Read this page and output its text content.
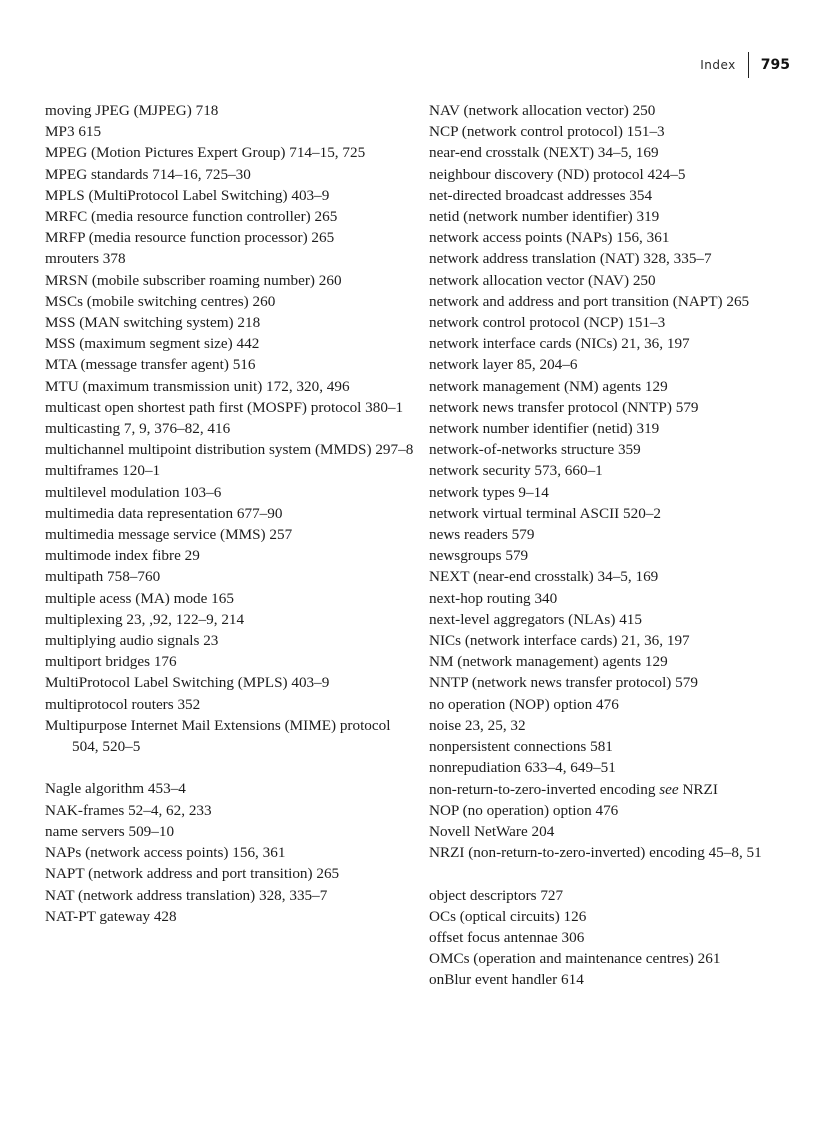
Index 795
moving JPEG (MJPEG) 718
MP3 615
MPEG (Motion Pictures Expert Group) 714–15, 725
MPEG standards 714–16, 725–30
MPLS (MultiProtocol Label Switching) 403–9
MRFC (media resource function controller) 265
MRFP (media resource function processor) 265
mrouters 378
MRSN (mobile subscriber roaming number) 260
MSCs (mobile switching centres) 260
MSS (MAN switching system) 218
MSS (maximum segment size) 442
MTA (message transfer agent) 516
MTU (maximum transmission unit) 172, 320, 496
multicast open shortest path first (MOSPF) protocol 380–1
multicasting 7, 9, 376–82, 416
multichannel multipoint distribution system (MMDS) 297–8
multiframes 120–1
multilevel modulation 103–6
multimedia data representation 677–90
multimedia message service (MMS) 257
multimode index fibre 29
multipath 758–760
multiple acess (MA) mode 165
multiplexing 23, ,92, 122–9, 214
multiplying audio signals 23
multiport bridges 176
MultiProtocol Label Switching (MPLS) 403–9
multiprotocol routers 352
Multipurpose Internet Mail Extensions (MIME) protocol 504, 520–5
Nagle algorithm 453–4
NAK-frames 52–4, 62, 233
name servers 509–10
NAPs (network access points) 156, 361
NAPT (network address and port transition) 265
NAT (network address translation) 328, 335–7
NAT-PT gateway 428
NAV (network allocation vector) 250
NCP (network control protocol) 151–3
near-end crosstalk (NEXT) 34–5, 169
neighbour discovery (ND) protocol 424–5
net-directed broadcast addresses 354
netid (network number identifier) 319
network access points (NAPs) 156, 361
network address translation (NAT) 328, 335–7
network allocation vector (NAV) 250
network and address and port transition (NAPT) 265
network control protocol (NCP) 151–3
network interface cards (NICs) 21, 36, 197
network layer 85, 204–6
network management (NM) agents 129
network news transfer protocol (NNTP) 579
network number identifier (netid) 319
network-of-networks structure 359
network security 573, 660–1
network types 9–14
network virtual terminal ASCII 520–2
news readers 579
newsgroups 579
NEXT (near-end crosstalk) 34–5, 169
next-hop routing 340
next-level aggregators (NLAs) 415
NICs (network interface cards) 21, 36, 197
NM (network management) agents 129
NNTP (network news transfer protocol) 579
no operation (NOP) option 476
noise 23, 25, 32
nonpersistent connections 581
nonrepudiation 633–4, 649–51
non-return-to-zero-inverted encoding see NRZI
NOP (no operation) option 476
Novell NetWare 204
NRZI (non-return-to-zero-inverted) encoding 45–8, 51
object descriptors 727
OCs (optical circuits) 126
offset focus antennae 306
OMCs (operation and maintenance centres) 261
onBlur event handler 614
